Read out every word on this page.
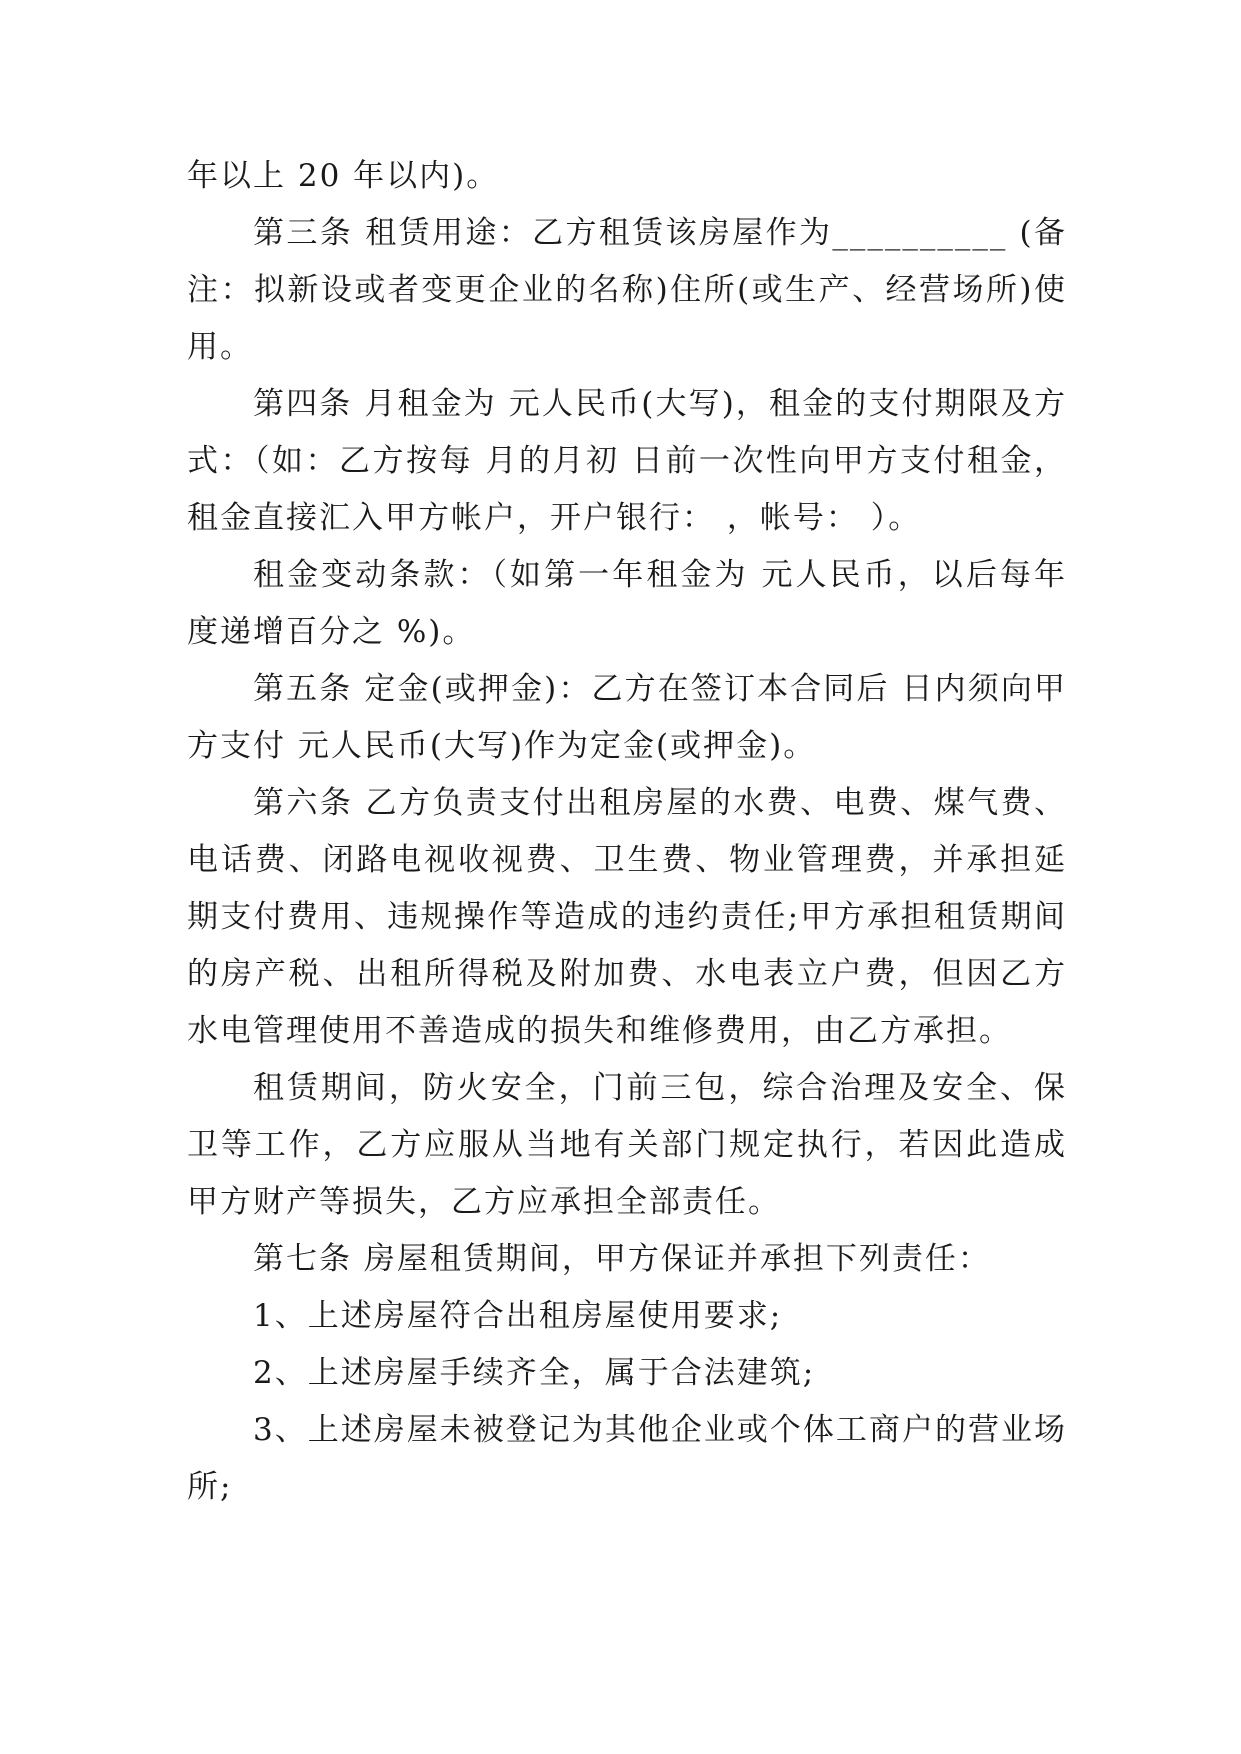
年以上 20 年以内)。

第三条 租赁用途：乙方租赁该房屋作为__________ (备注：拟新设或者变更企业的名称)住所(或生产、经营场所)使用。

第四条 月租金为 元人民币(大写)，租金的支付期限及方式：（如：乙方按每 月的月初 日前一次性向甲方支付租金，租金直接汇入甲方帐户，开户银行： ，帐号： ）。

租金变动条款：（如第一年租金为 元人民币，以后每年度递增百分之 %)。

第五条 定金(或押金)：乙方在签订本合同后 日内须向甲方支付 元人民币(大写)作为定金(或押金)。

第六条 乙方负责支付出租房屋的水费、电费、煤气费、电话费、闭路电视收视费、卫生费、物业管理费，并承担延期支付费用、违规操作等造成的违约责任;甲方承担租赁期间的房产税、出租所得税及附加费、水电表立户费，但因乙方水电管理使用不善造成的损失和维修费用，由乙方承担。

租赁期间，防火安全，门前三包，综合治理及安全、保卫等工作，乙方应服从当地有关部门规定执行，若因此造成甲方财产等损失，乙方应承担全部责任。

第七条 房屋租赁期间，甲方保证并承担下列责任：

1、上述房屋符合出租房屋使用要求;

2、上述房屋手续齐全，属于合法建筑;

3、上述房屋未被登记为其他企业或个体工商户的营业场所;
